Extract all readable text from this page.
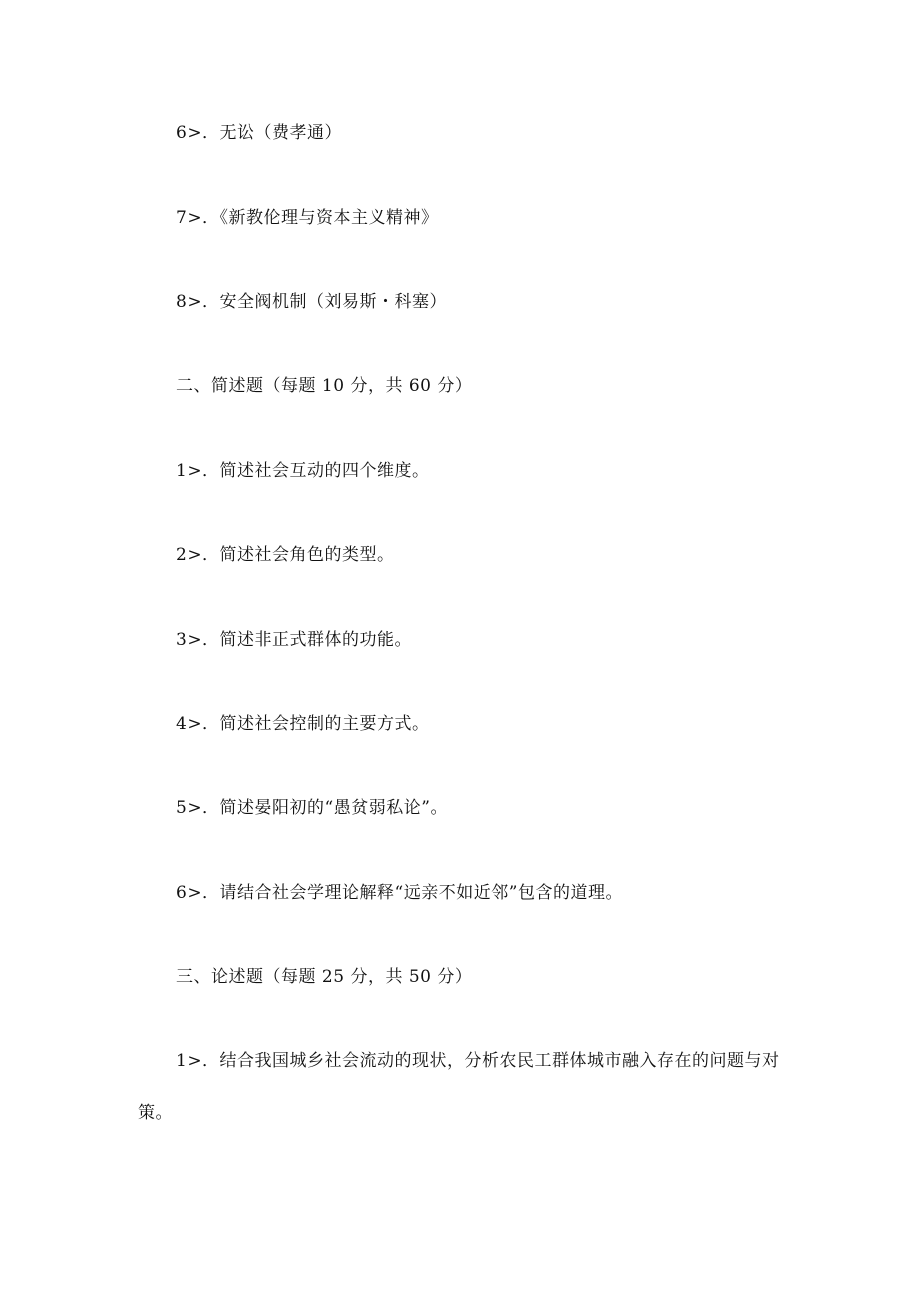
6>．无讼（费孝通）
7>．《新教伦理与资本主义精神》
8>．安全阀机制（刘易斯・科塞）
二、简述题（每题 10 分，共 60 分）
1>．简述社会互动的四个维度。
2>．简述社会角色的类型。
3>．简述非正式群体的功能。
4>．简述社会控制的主要方式。
5>．简述晏阳初的“愚贫弱私论”。
6>．请结合社会学理论解释“远亲不如近邻”包含的道理。
三、论述题（每题 25 分，共 50 分）
1>．结合我国城乡社会流动的现状，分析农民工群体城市融入存在的问题与对策。
